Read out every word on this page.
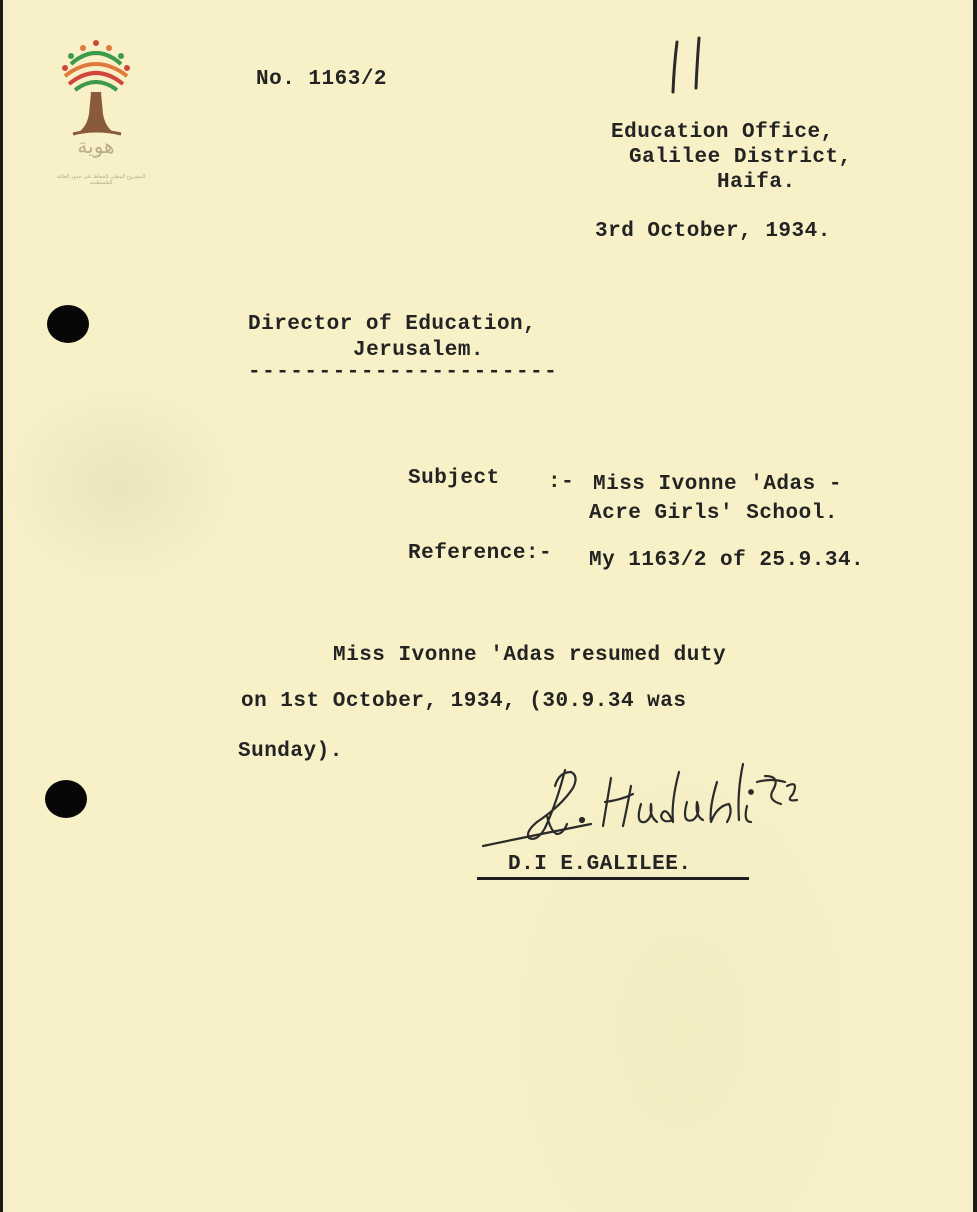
هوية
المشروع الوطني للحفاظ على جذور العائلة الفلسطينية
No. 1163/2
Education Office,
Galilee District,
Haifa.
3rd October, 1934.
Director of Education,
Jerusalem.
----------------------
Subject :- Miss Ivonne 'Adas -
Acre Girls' School.
Reference:- My 1163/2 of 25.9.34.
Miss Ivonne 'Adas resumed duty
on 1st October, 1934, (30.9.34 was
Sunday).
D.I E.GALILEE.
